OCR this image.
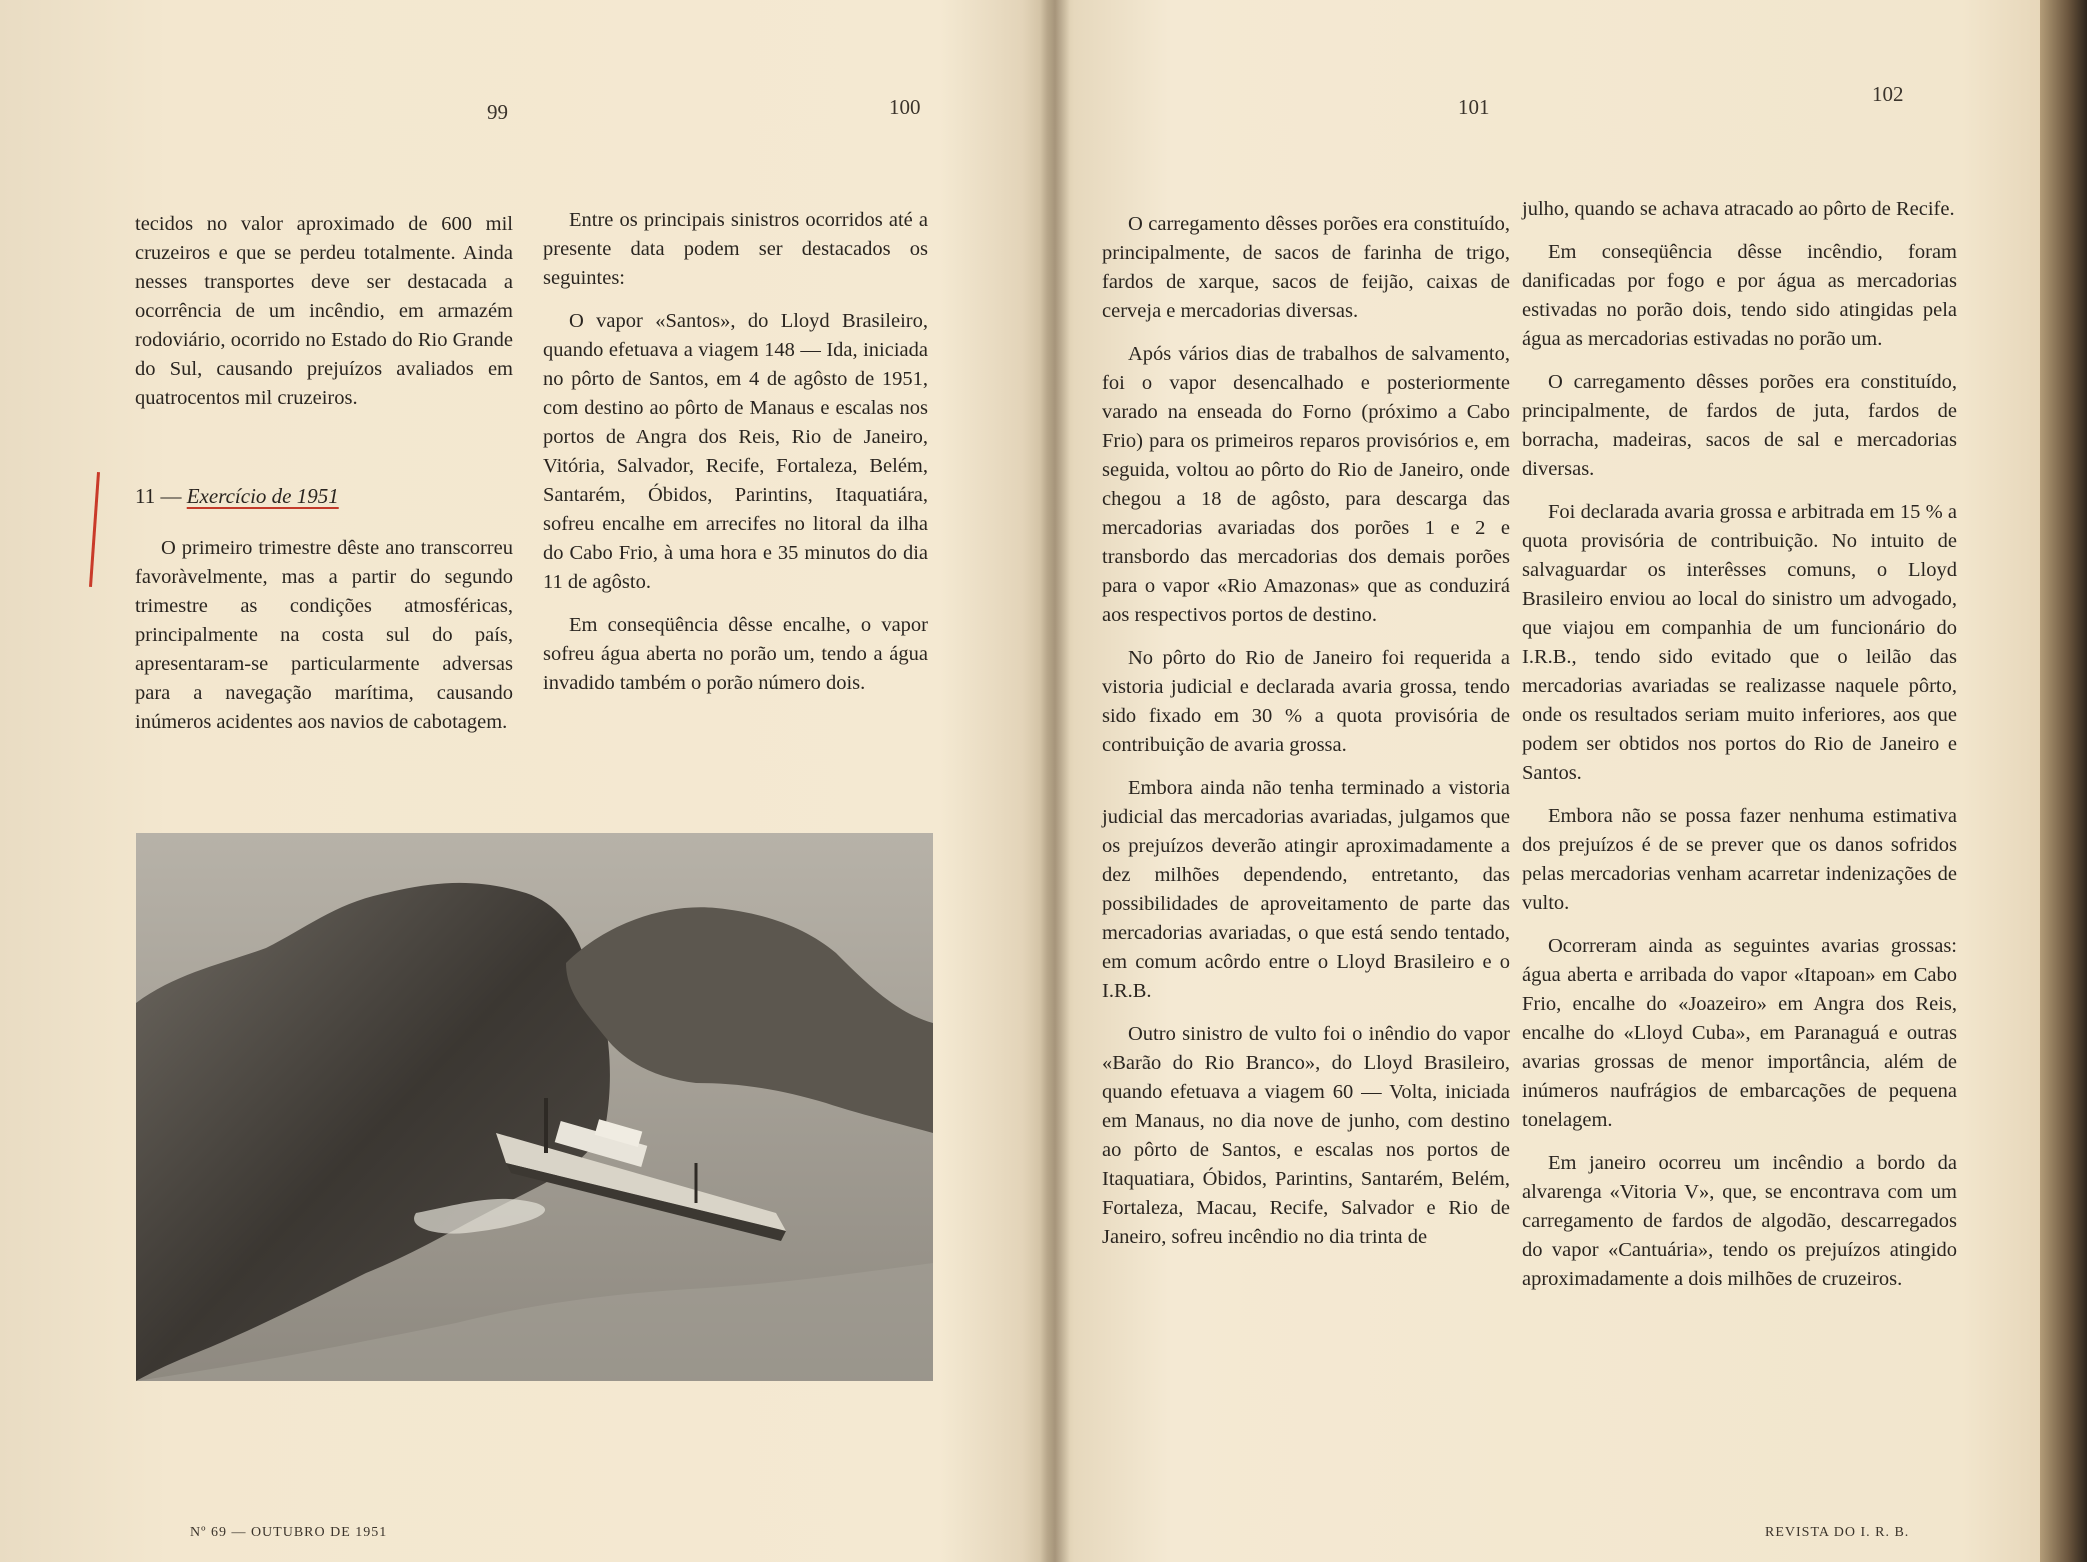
99	100	101
102

tecidos no valor aproximado de 600 mil cruzeiros e que se perdeu totalmente. Ainda nesses transportes deve ser destacada a ocorrência de um incêndio, em armazém rodoviário, ocorrido no Estado do Rio Grande do Sul, causando prejuízos avaliados em quatrocentos mil cruzeiros.

11 — Exercício de 1951

O primeiro trimestre dêste ano transcorreu favoràvelmente, mas a partir do segundo trimestre as condições atmosféricas, principalmente na costa sul do país, apresentaram-se particularmente adversas para a navegação marítima, causando inúmeros acidentes aos navios de cabotagem.

Entre os principais sinistros ocorridos até a presente data podem ser destacados os seguintes:

O vapor «Santos», do Lloyd Brasileiro, quando efetuava a viagem 148 — Ida, iniciada no pôrto de Santos, em 4 de agôsto de 1951, com destino ao pôrto de Manaus e escalas nos portos de Angra dos Reis, Rio de Janeiro, Vitória, Salvador, Recife, Fortaleza, Belém, Santarém, Óbidos, Parintins, Itaquatiára, sofreu encalhe em arrecifes no litoral da ilha do Cabo Frio, à uma hora e 35 minutos do dia 11 de agôsto.

Em conseqüência dêsse encalhe, o vapor sofreu água aberta no porão um, tendo a água invadido também o porão número dois.

O carregamento dêsses porões era constituído, principalmente, de sacos de farinha de trigo, fardos de xarque, sacos de feijão, caixas de cerveja e mercadorias diversas.

Após vários dias de trabalhos de salvamento, foi o vapor desencalhado e posteriormente varado na enseada do Forno (próximo a Cabo Frio) para os primeiros reparos provisórios e, em seguida, voltou ao pôrto do Rio de Janeiro, onde chegou a 18 de agôsto, para descarga das mercadorias avariadas dos porões 1 e 2 e transbordo das mercadorias dos demais porões para o vapor «Rio Amazonas» que as conduzirá aos respectivos portos de destino.

No pôrto do Rio de Janeiro foi requerida a vistoria judicial e declarada avaria grossa, tendo sido fixado em 30 % a quota provisória de contribuição de avaria grossa.

Embora ainda não tenha terminado a vistoria judicial das mercadorias avariadas, julgamos que os prejuízos deverão atingir aproximadamente a dez milhões dependendo, entretanto, das possibilidades de aproveitamento de parte das mercadorias avariadas, o que está sendo tentado, em comum acôrdo entre o Lloyd Brasileiro e o I.R.B.

Outro sinistro de vulto foi o inêndio do vapor «Barão do Rio Branco», do Lloyd Brasileiro, quando efetuava a viagem 60 — Volta, iniciada em Manaus, no dia nove de junho, com destino ao pôrto de Santos, e escalas nos portos de Itaquatiara, Óbidos, Parintins, Santarém, Belém, Fortaleza, Macau, Recife, Salvador e Rio de Janeiro, sofreu incêndio no dia trinta de

julho, quando se achava atracado ao pôrto de Recife.

Em conseqüência dêsse incêndio, foram danificadas por fogo e por água as mercadorias estivadas no porão dois, tendo sido atingidas pela água as mercadorias estivadas no porão um.

O carregamento dêsses porões era constituído, principalmente, de fardos de juta, fardos de borracha, madeiras, sacos de sal e mercadorias diversas.

Foi declarada avaria grossa e arbitrada em 15 % a quota provisória de contribuição. No intuito de salvaguardar os interêsses comuns, o Lloyd Brasileiro enviou ao local do sinistro um advogado, que viajou em companhia de um funcionário do I.R.B., tendo sido evitado que o leilão das mercadorias avariadas se realizasse naquele pôrto, onde os resultados seriam muito inferiores, aos que podem ser obtidos nos portos do Rio de Janeiro e Santos.

Embora não se possa fazer nenhuma estimativa dos prejuízos é de se prever que os danos sofridos pelas mercadorias venham acarretar indenizações de vulto.

Ocorreram ainda as seguintes avarias grossas: água aberta e arribada do vapor «Itapoan» em Cabo Frio, encalhe do «Joazeiro» em Angra dos Reis, encalhe do «Lloyd Cuba», em Paranaguá e outras avarias grossas de menor importância, além de inúmeros naufrágios de embarcações de pequena tonelagem.

Em janeiro ocorreu um incêndio a bordo da alvarenga «Vitoria V», que, se encontrava com um carregamento de fardos de algodão, descarregados do vapor «Cantuária», tendo os prejuízos atingido aproximadamente a dois milhões de cruzeiros.

Nº 69 — OUTUBRO DE 1951	REVISTA DO I. R. B.
